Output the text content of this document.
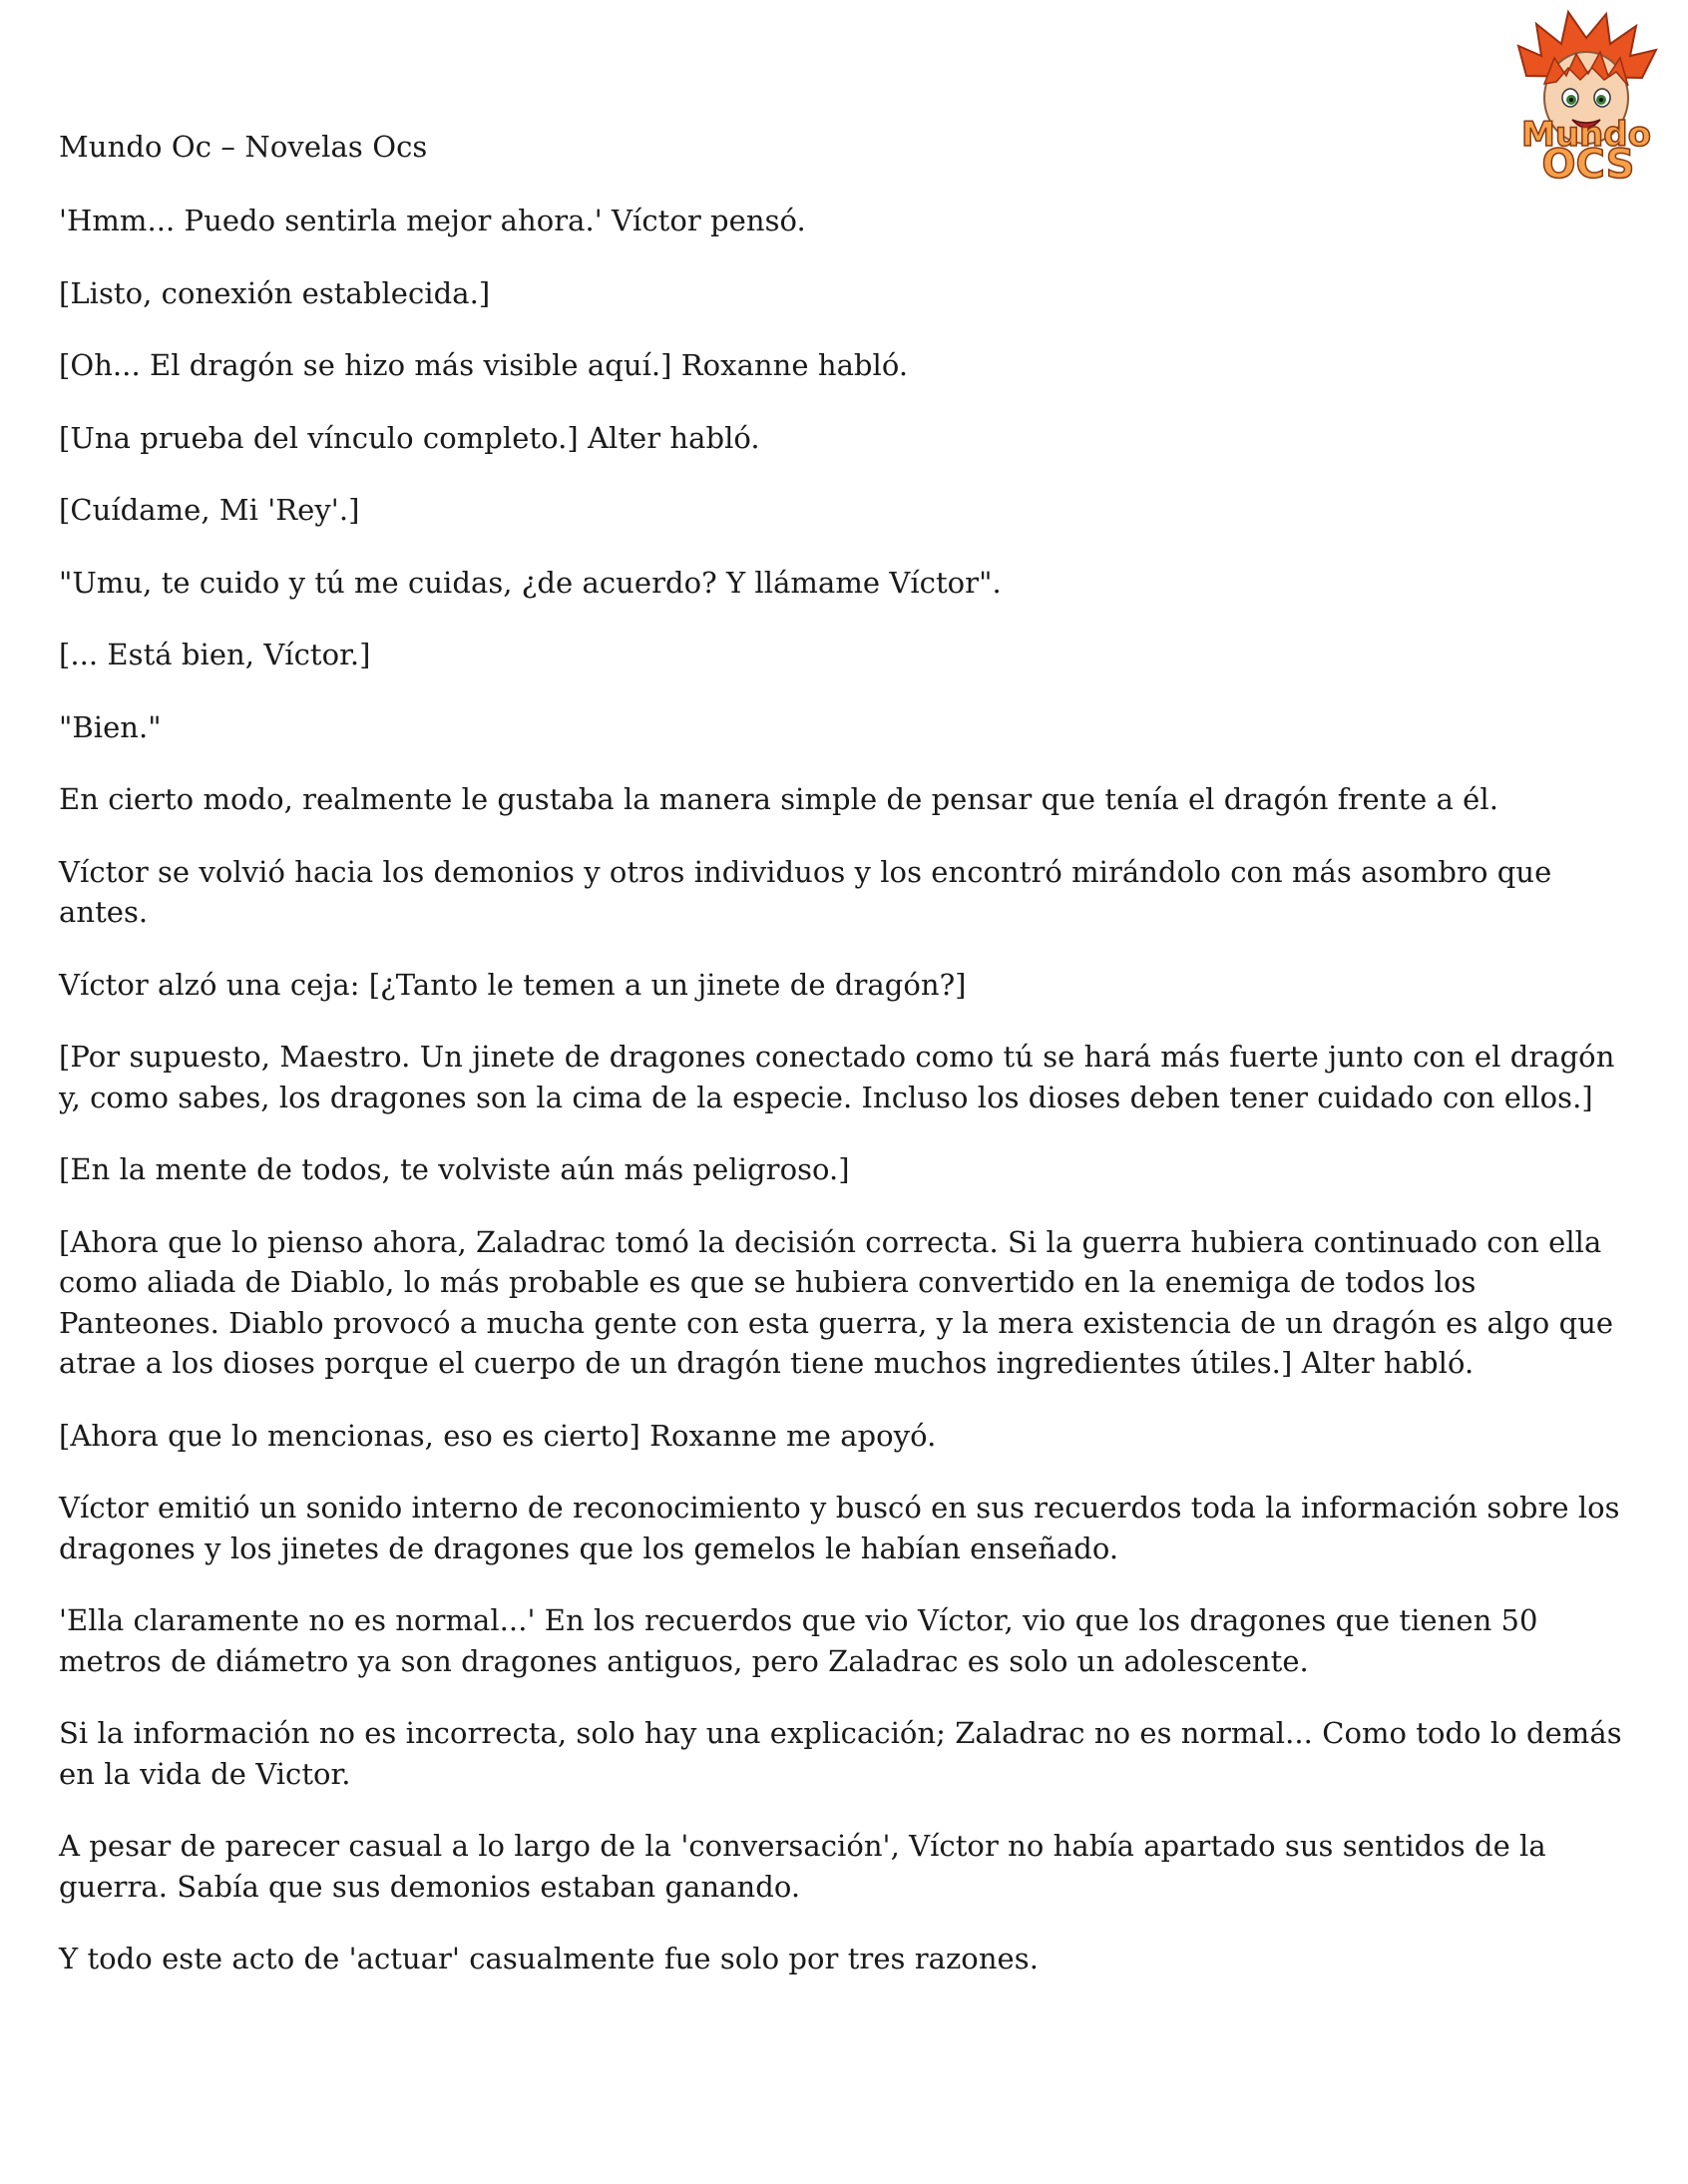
Mundo
OCS
Mundo Oc – Novelas Ocs

'Hmm... Puedo sentirla mejor ahora.' Víctor pensó.

[Listo, conexión establecida.]

[Oh... El dragón se hizo más visible aquí.] Roxanne habló.

[Una prueba del vínculo completo.] Alter habló.

[Cuídame, Mi 'Rey'.]

"Umu, te cuido y tú me cuidas, ¿de acuerdo? Y llámame Víctor".

[... Está bien, Víctor.]

"Bien."

En cierto modo, realmente le gustaba la manera simple de pensar que tenía el dragón frente a él.

Víctor se volvió hacia los demonios y otros individuos y los encontró mirándolo con más asombro que antes.

Víctor alzó una ceja: [¿Tanto le temen a un jinete de dragón?]

[Por supuesto, Maestro. Un jinete de dragones conectado como tú se hará más fuerte junto con el dragón y, como sabes, los dragones son la cima de la especie. Incluso los dioses deben tener cuidado con ellos.]

[En la mente de todos, te volviste aún más peligroso.]

[Ahora que lo pienso ahora, Zaladrac tomó la decisión correcta. Si la guerra hubiera continuado con ella como aliada de Diablo, lo más probable es que se hubiera convertido en la enemiga de todos los Panteones. Diablo provocó a mucha gente con esta guerra, y la mera existencia de un dragón es algo que atrae a los dioses porque el cuerpo de un dragón tiene muchos ingredientes útiles.] Alter habló.

[Ahora que lo mencionas, eso es cierto] Roxanne me apoyó.

Víctor emitió un sonido interno de reconocimiento y buscó en sus recuerdos toda la información sobre los dragones y los jinetes de dragones que los gemelos le habían enseñado.

'Ella claramente no es normal...' En los recuerdos que vio Víctor, vio que los dragones que tienen 50 metros de diámetro ya son dragones antiguos, pero Zaladrac es solo un adolescente.

Si la información no es incorrecta, solo hay una explicación; Zaladrac no es normal... Como todo lo demás en la vida de Victor.

A pesar de parecer casual a lo largo de la 'conversación', Víctor no había apartado sus sentidos de la guerra. Sabía que sus demonios estaban ganando.

Y todo este acto de 'actuar' casualmente fue solo por tres razones.
